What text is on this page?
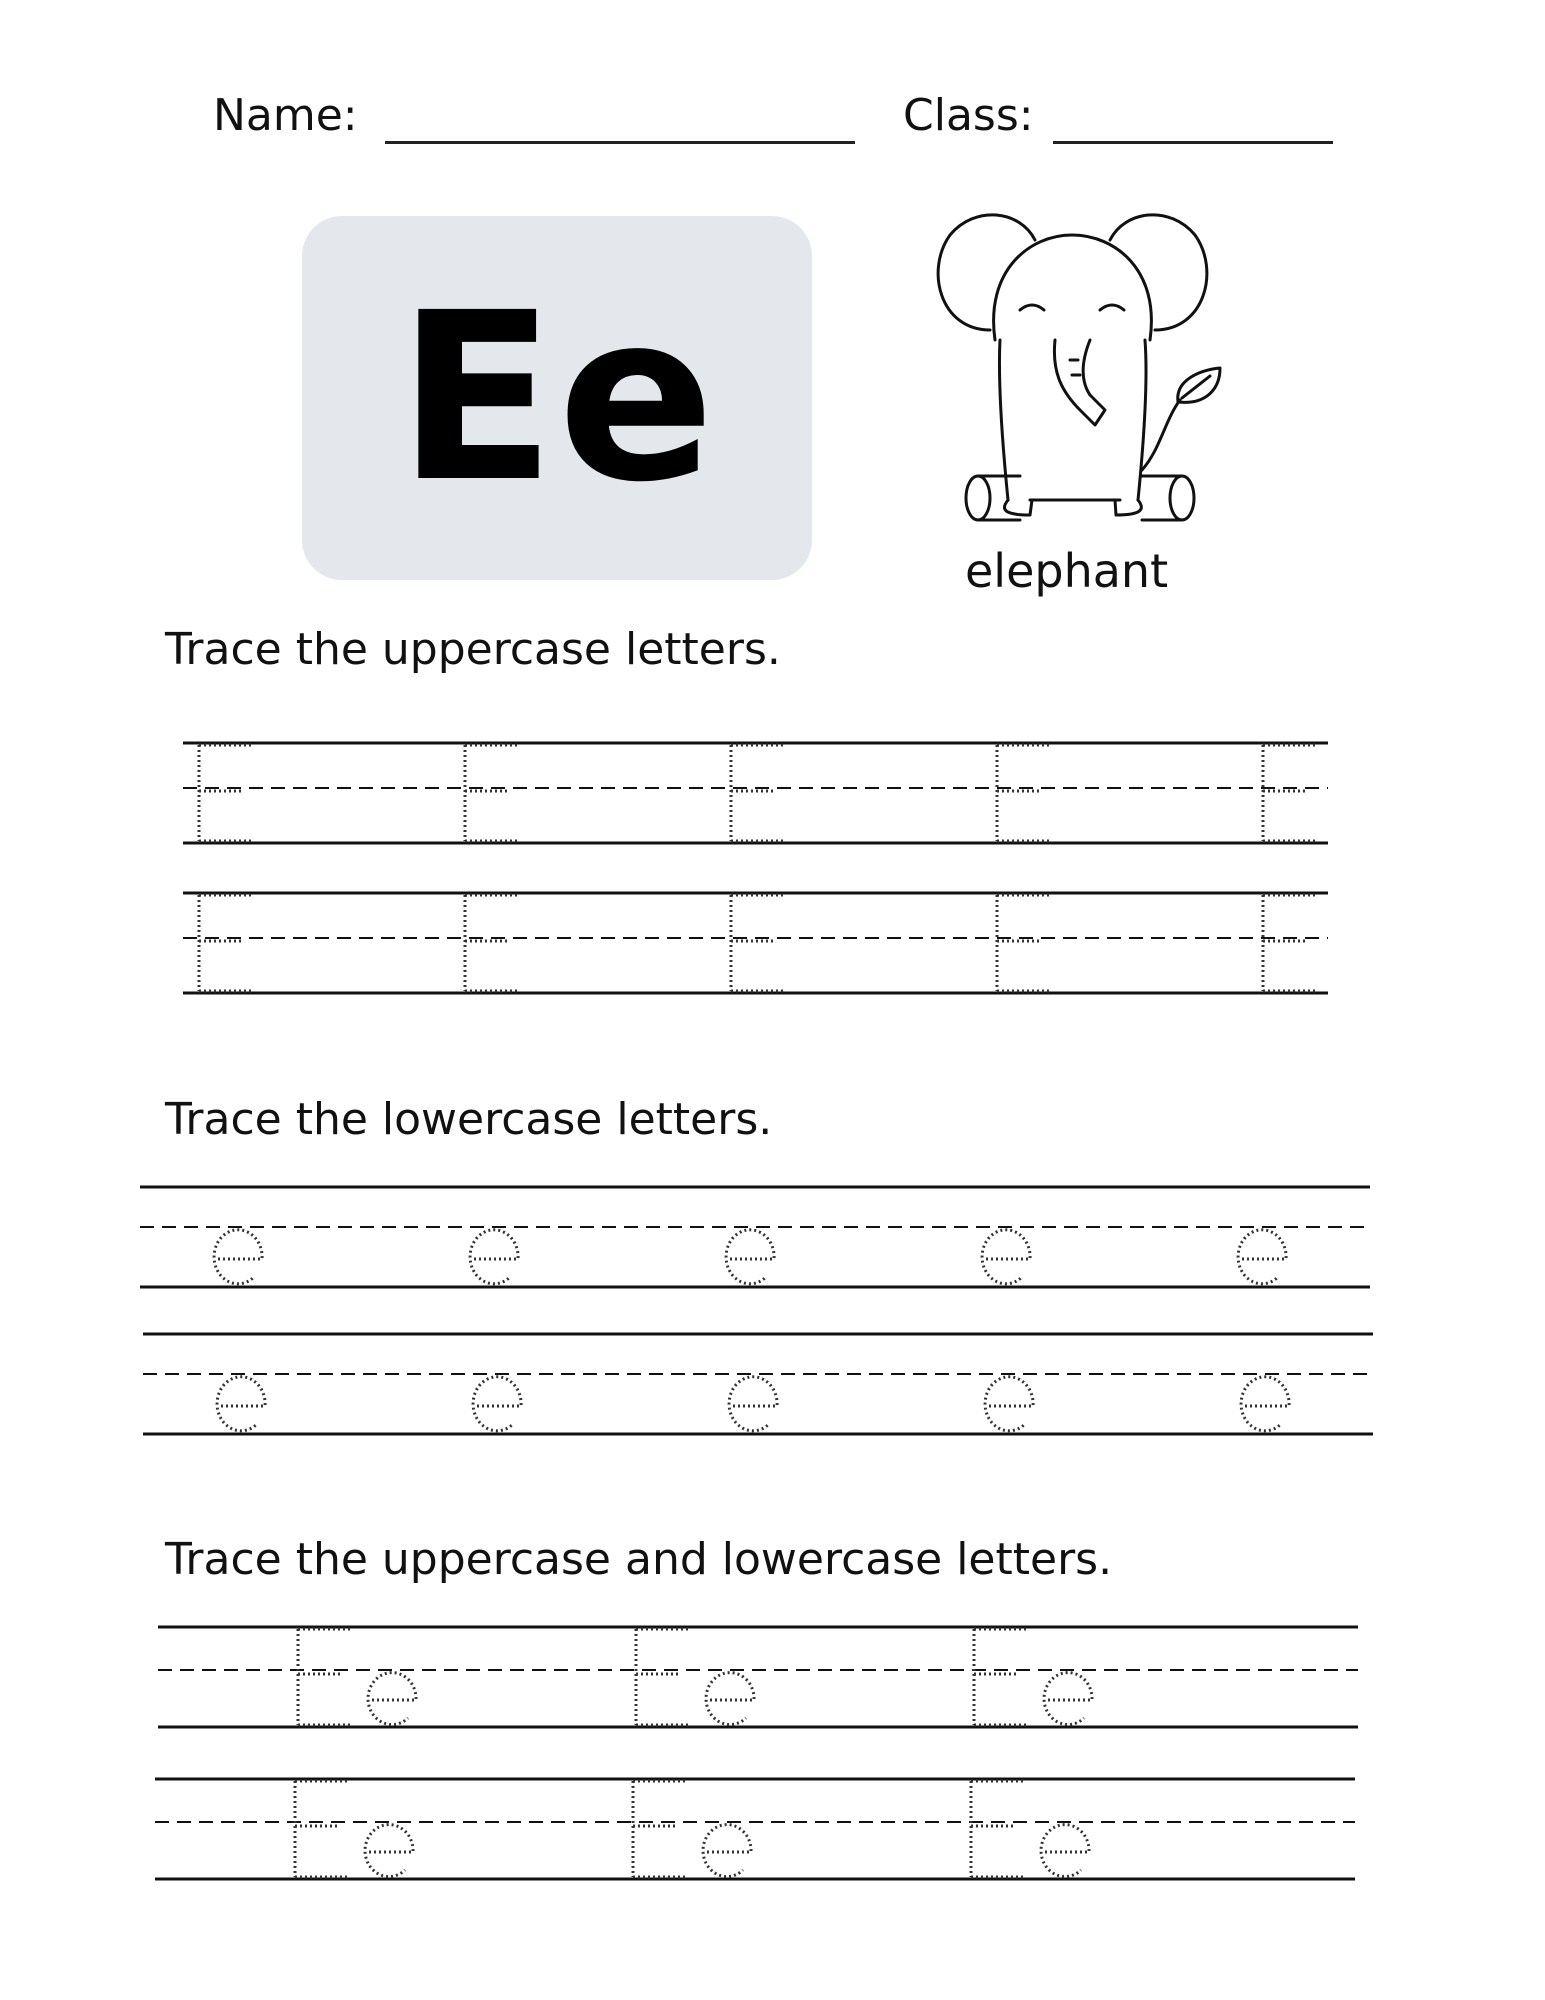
Name:	Class:
Ee
elephant
Trace the uppercase letters.
Trace the lowercase letters.
Trace the uppercase and lowercase letters.
